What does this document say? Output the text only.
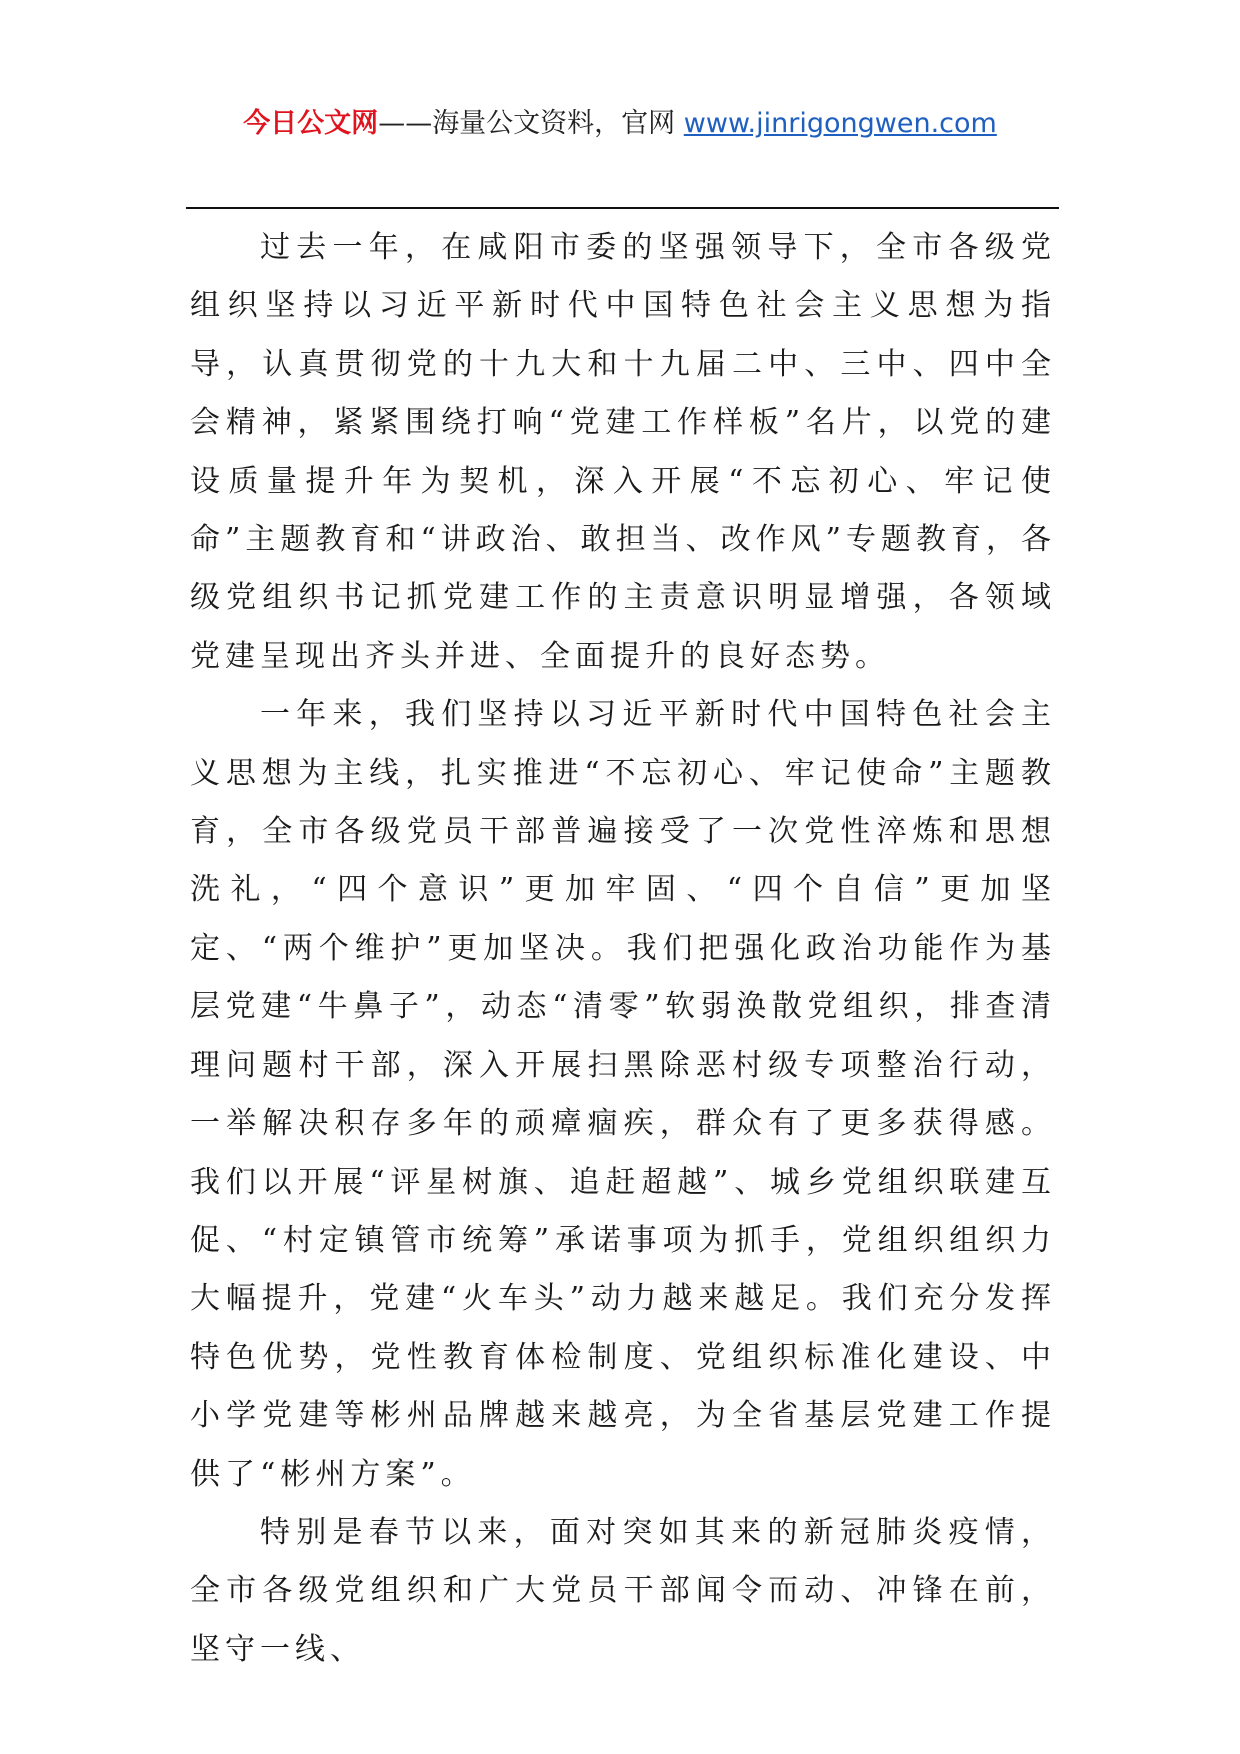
今日公文网——海量公文资料，官网 www.jinrigongwen.com

过去一年，在咸阳市委的坚强领导下，全市各级党组织坚持以习近平新时代中国特色社会主义思想为指导，认真贯彻党的十九大和十九届二中、三中、四中全会精神，紧紧围绕打响“党建工作样板”名片，以党的建设质量提升年为契机，深入开展“不忘初心、牢记使命”主题教育和“讲政治、敢担当、改作风”专题教育，各级党组织书记抓党建工作的主责意识明显增强，各领域党建呈现出齐头并进、全面提升的良好态势。

一年来，我们坚持以习近平新时代中国特色社会主义思想为主线，扎实推进“不忘初心、牢记使命”主题教育，全市各级党员干部普遍接受了一次党性淬炼和思想洗礼，“四个意识”更加牢固、“四个自信”更加坚定、“两个维护”更加坚决。我们把强化政治功能作为基层党建“牛鼻子”，动态“清零”软弱涣散党组织，排查清理问题村干部，深入开展扫黑除恶村级专项整治行动，一举解决积存多年的顽瘴痼疾，群众有了更多获得感。我们以开展“评星树旗、追赶超越”、城乡党组织联建互促、“村定镇管市统筹”承诺事项为抓手，党组织组织力大幅提升，党建“火车头”动力越来越足。我们充分发挥特色优势，党性教育体检制度、党组织标准化建设、中小学党建等彬州品牌越来越亮，为全省基层党建工作提供了“彬州方案”。

特别是春节以来，面对突如其来的新冠肺炎疫情，全市各级党组织和广大党员干部闻令而动、冲锋在前，坚守一线、
